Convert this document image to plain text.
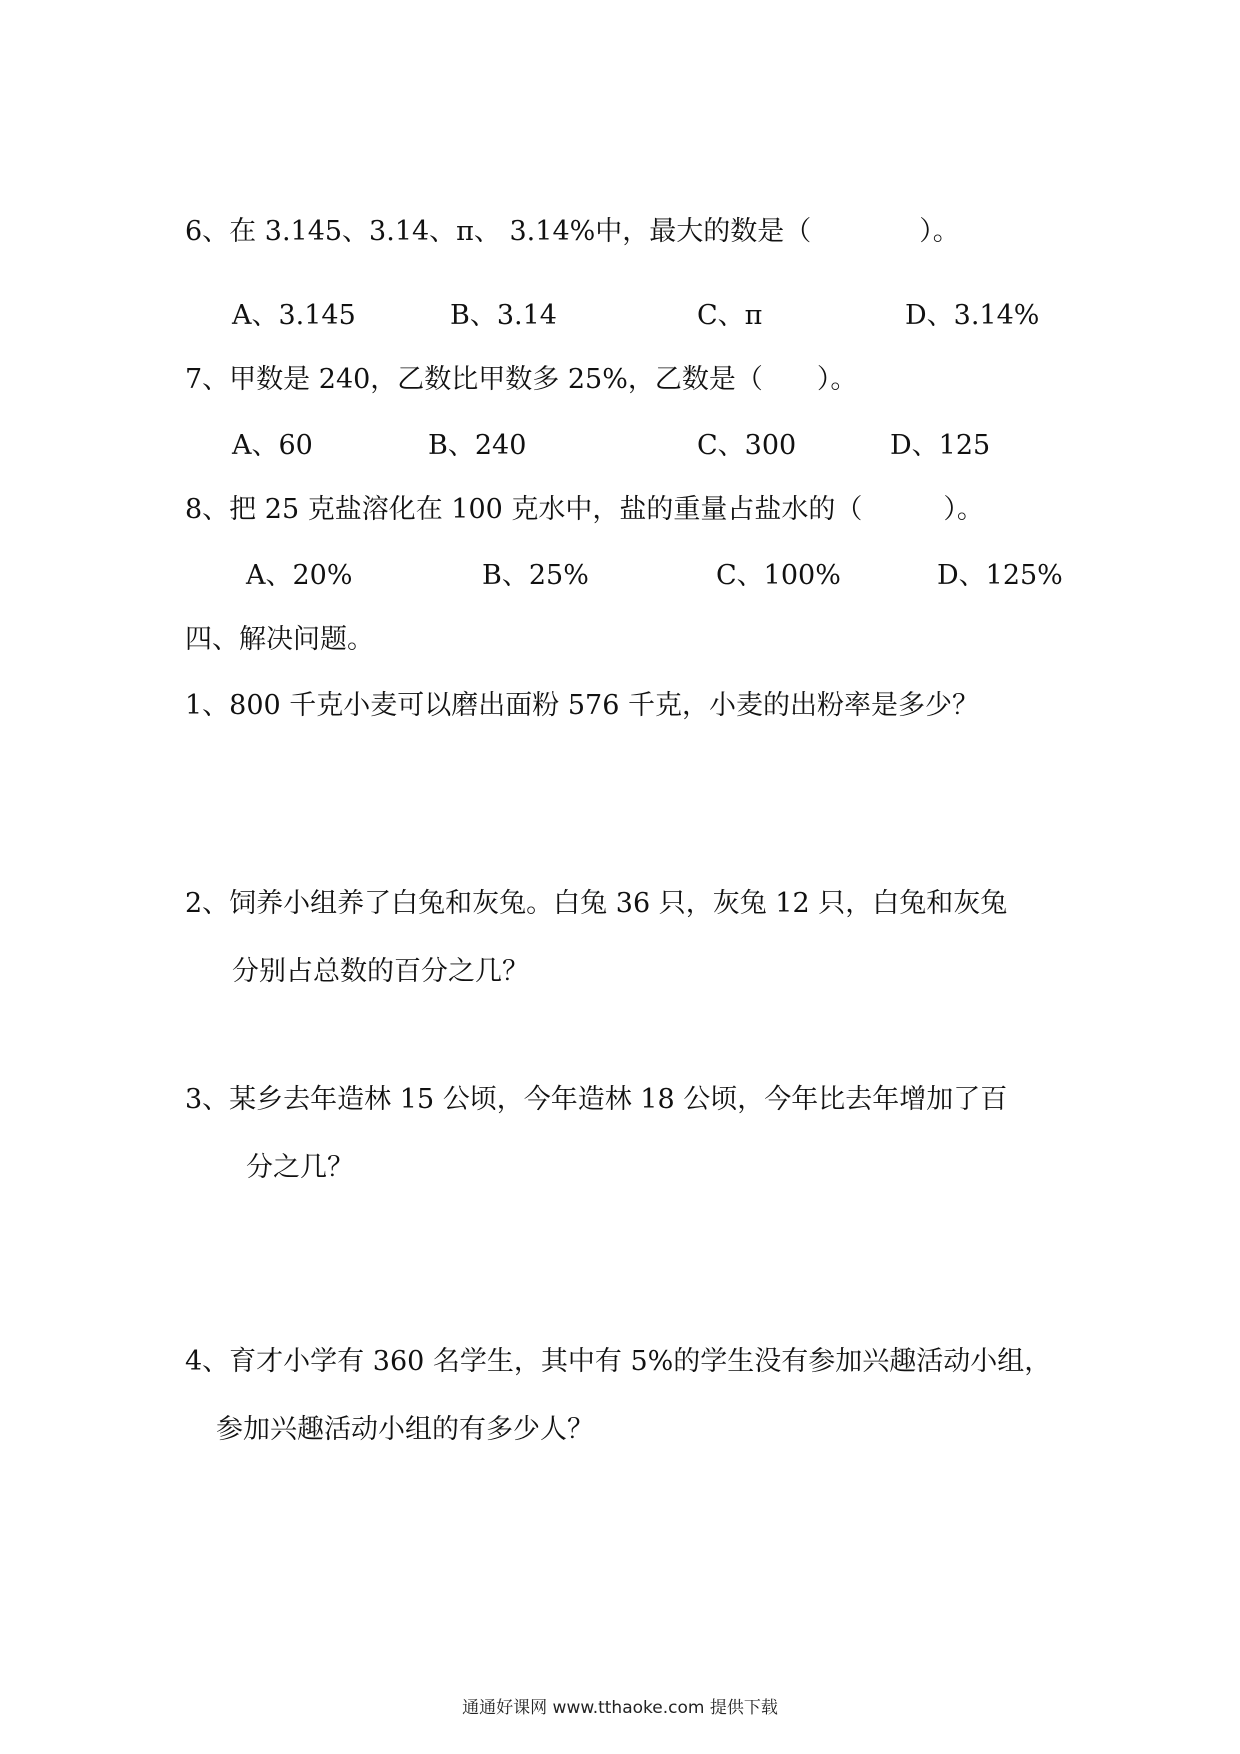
6、在 3.145、3.14、π、 3.14%中，最大的数是（　　　　）。
A、3.145	B、3.14	C、π	D、3.14%
7、甲数是 240，乙数比甲数多 25%，乙数是（　　）。
A、60	B、240	C、300	D、125
8、把 25 克盐溶化在 100 克水中，盐的重量占盐水的（　　　）。
A、20%	B、25%	C、100%	D、125%
四、解决问题。
1、800 千克小麦可以磨出面粉 576 千克，小麦的出粉率是多少？
2、饲养小组养了白兔和灰兔。白兔 36 只，灰兔 12 只，白兔和灰兔
分别占总数的百分之几？
3、某乡去年造林 15 公顷，今年造林 18 公顷，今年比去年增加了百
分之几？
4、育才小学有 360 名学生，其中有 5%的学生没有参加兴趣活动小组，
参加兴趣活动小组的有多少人？
通通好课网 www.tthaoke.com 提供下载
